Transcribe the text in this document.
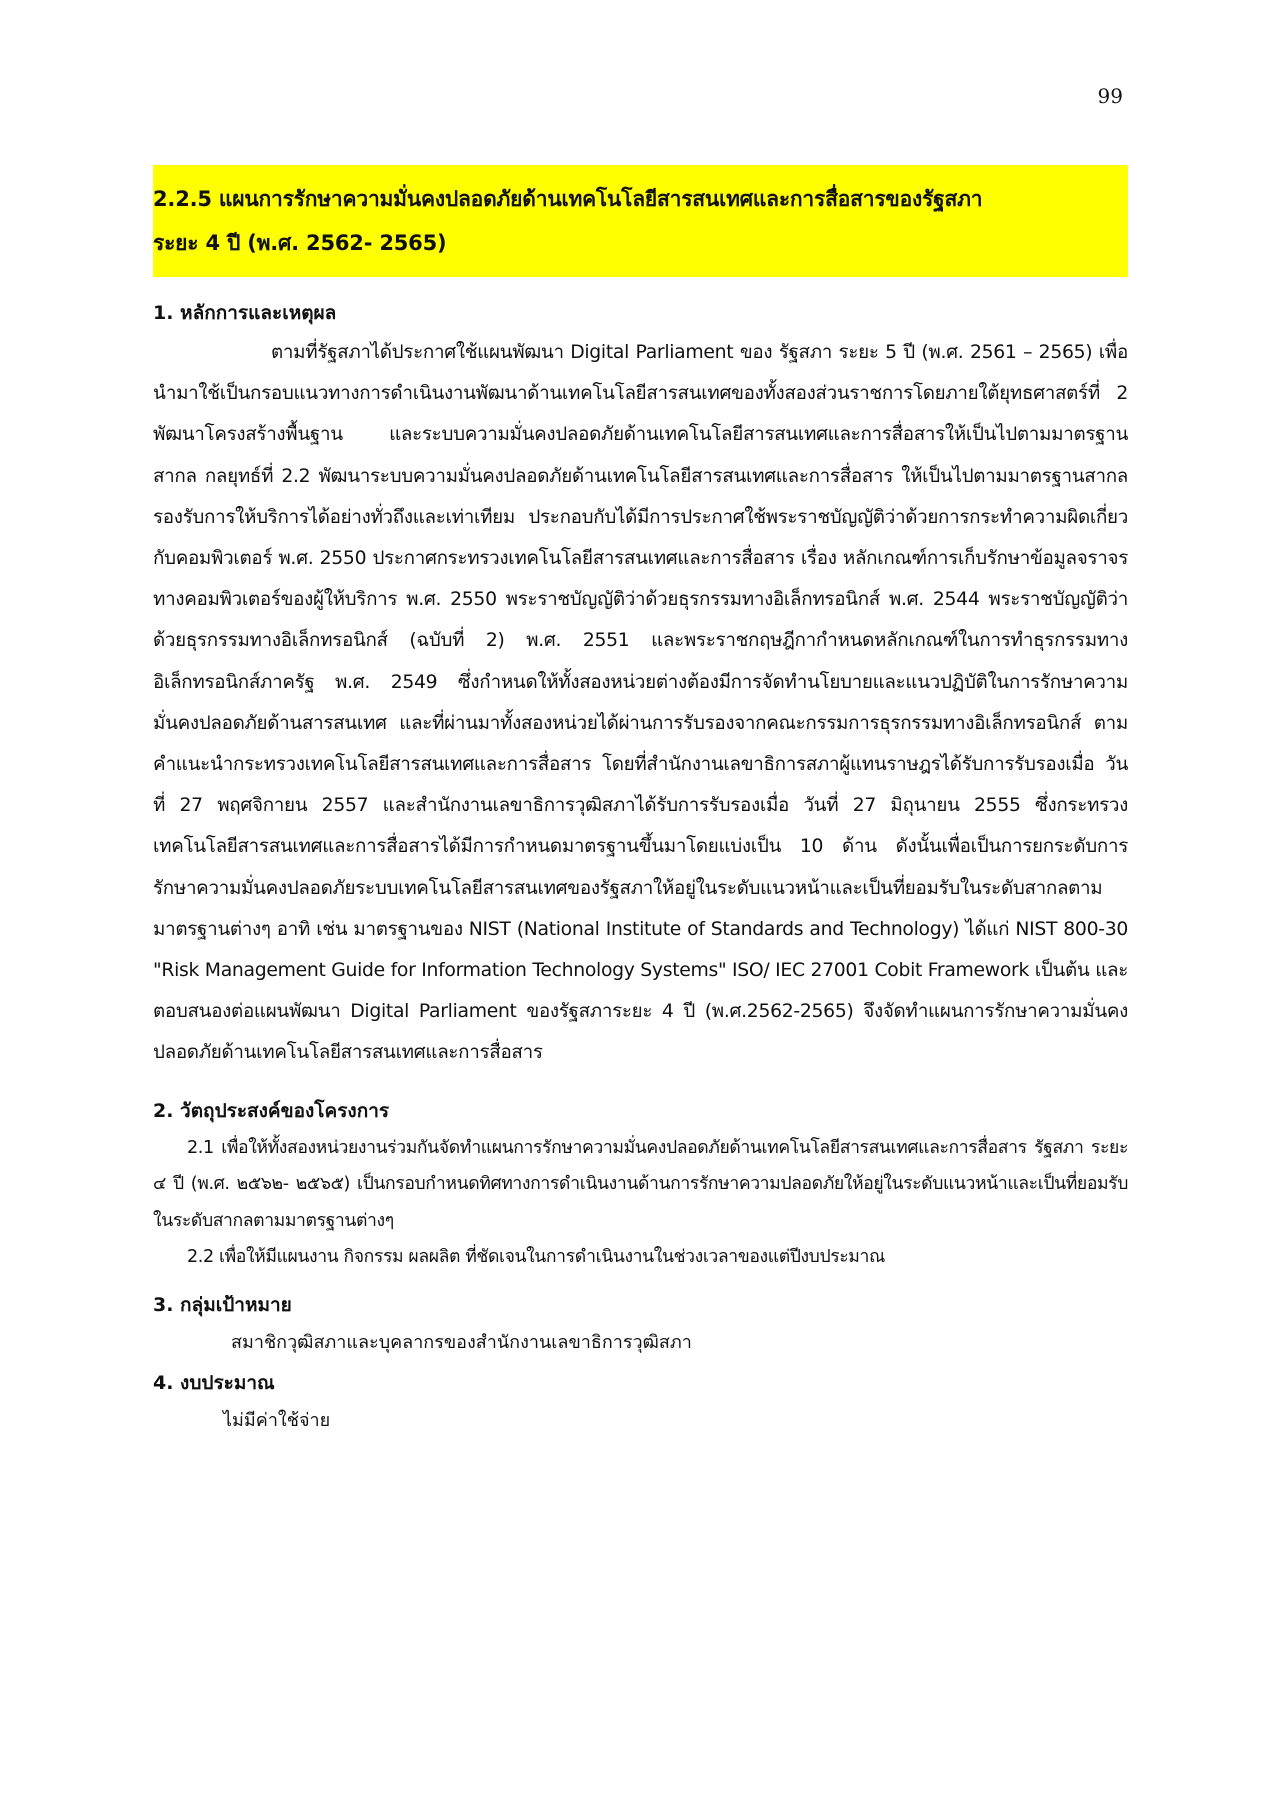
99
2.2.5 แผนการรักษาความมั่นคงปลอดภัยด้านเทคโนโลยีสารสนเทศและการสื่อสารของรัฐสภา
ระยะ 4 ปี (พ.ศ. 2562- 2565)
1. หลักการและเหตุผล

ตามที่รัฐสภาได้ประกาศใช้แผนพัฒนา Digital Parliament ของ รัฐสภา ระยะ 5 ปี (พ.ศ. 2561 – 2565) เพื่อนำมาใช้เป็นกรอบแนวทางการดำเนินงานพัฒนาด้านเทคโนโลยีสารสนเทศของทั้งสองส่วนราชการโดยภายใต้ยุทธศาสตร์ที่ 2 พัฒนาโครงสร้างพื้นฐาน และระบบความมั่นคงปลอดภัยด้านเทคโนโลยีสารสนเทศและการสื่อสารให้เป็นไปตามมาตรฐานสากล กลยุทธ์ที่ 2.2 พัฒนาระบบความมั่นคงปลอดภัยด้านเทคโนโลยีสารสนเทศและการสื่อสาร ให้เป็นไปตามมาตรฐานสากล รองรับการให้บริการได้อย่างทั่วถึงและเท่าเทียม ประกอบกับได้มีการประกาศใช้พระราชบัญญัติว่าด้วยการกระทำความผิดเกี่ยวกับคอมพิวเตอร์ พ.ศ. 2550 ประกาศกระทรวงเทคโนโลยีสารสนเทศและการสื่อสาร เรื่อง หลักเกณฑ์การเก็บรักษาข้อมูลจราจรทางคอมพิวเตอร์ของผู้ให้บริการ พ.ศ. 2550 พระราชบัญญัติว่าด้วยธุรกรรมทางอิเล็กทรอนิกส์ พ.ศ. 2544 พระราชบัญญัติว่าด้วยธุรกรรมทางอิเล็กทรอนิกส์ (ฉบับที่ 2) พ.ศ. 2551 และพระราชกฤษฎีกากำหนดหลักเกณฑ์ในการทำธุรกรรมทางอิเล็กทรอนิกส์ภาครัฐ พ.ศ. 2549 ซึ่งกำหนดให้ทั้งสองหน่วยต่างต้องมีการจัดทำนโยบายและแนวปฏิบัติในการรักษาความมั่นคงปลอดภัยด้านสารสนเทศ และที่ผ่านมาทั้งสองหน่วยได้ผ่านการรับรองจากคณะกรรมการธุรกรรมทางอิเล็กทรอนิกส์ ตามคำแนะนำกระทรวงเทคโนโลยีสารสนเทศและการสื่อสาร โดยที่สำนักงานเลขาธิการสภาผู้แทนราษฎรได้รับการรับรองเมื่อ วันที่ 27 พฤศจิกายน 2557 และสำนักงานเลขาธิการวุฒิสภาได้รับการรับรองเมื่อ วันที่ 27 มิถุนายน 2555 ซึ่งกระทรวงเทคโนโลยีสารสนเทศและการสื่อสารได้มีการกำหนดมาตรฐานขึ้นมาโดยแบ่งเป็น 10 ด้าน ดังนั้นเพื่อเป็นการยกระดับการรักษาความมั่นคงปลอดภัยระบบเทคโนโลยีสารสนเทศของรัฐสภาให้อยู่ในระดับแนวหน้าและเป็นที่ยอมรับในระดับสากลตามมาตรฐานต่างๆ อาทิ เช่น มาตรฐานของ NIST (National Institute of Standards and Technology) ได้แก่ NIST 800-30 "Risk Management Guide for Information Technology Systems" ISO/ IEC 27001 Cobit Framework เป็นต้น และตอบสนองต่อแผนพัฒนา Digital Parliament ของรัฐสภาระยะ 4 ปี (พ.ศ.2562-2565) จึงจัดทำแผนการรักษาความมั่นคงปลอดภัยด้านเทคโนโลยีสารสนเทศและการสื่อสาร

2. วัตถุประสงค์ของโครงการ

2.1 เพื่อให้ทั้งสองหน่วยงานร่วมกันจัดทำแผนการรักษาความมั่นคงปลอดภัยด้านเทคโนโลยีสารสนเทศและการสื่อสาร รัฐสภา ระยะ ๔ ปี (พ.ศ. ๒๕๖๒- ๒๕๖๕) เป็นกรอบกำหนดทิศทางการดำเนินงานด้านการรักษาความปลอดภัยให้อยู่ในระดับแนวหน้าและเป็นที่ยอมรับในระดับสากลตามมาตรฐานต่างๆ

2.2 เพื่อให้มีแผนงาน กิจกรรม ผลผลิต ที่ชัดเจนในการดำเนินงานในช่วงเวลาของแต่ปีงบประมาณ

3. กลุ่มเป้าหมาย

สมาชิกวุฒิสภาและบุคลากรของสำนักงานเลขาธิการวุฒิสภา

4. งบประมาณ

ไม่มีค่าใช้จ่าย
